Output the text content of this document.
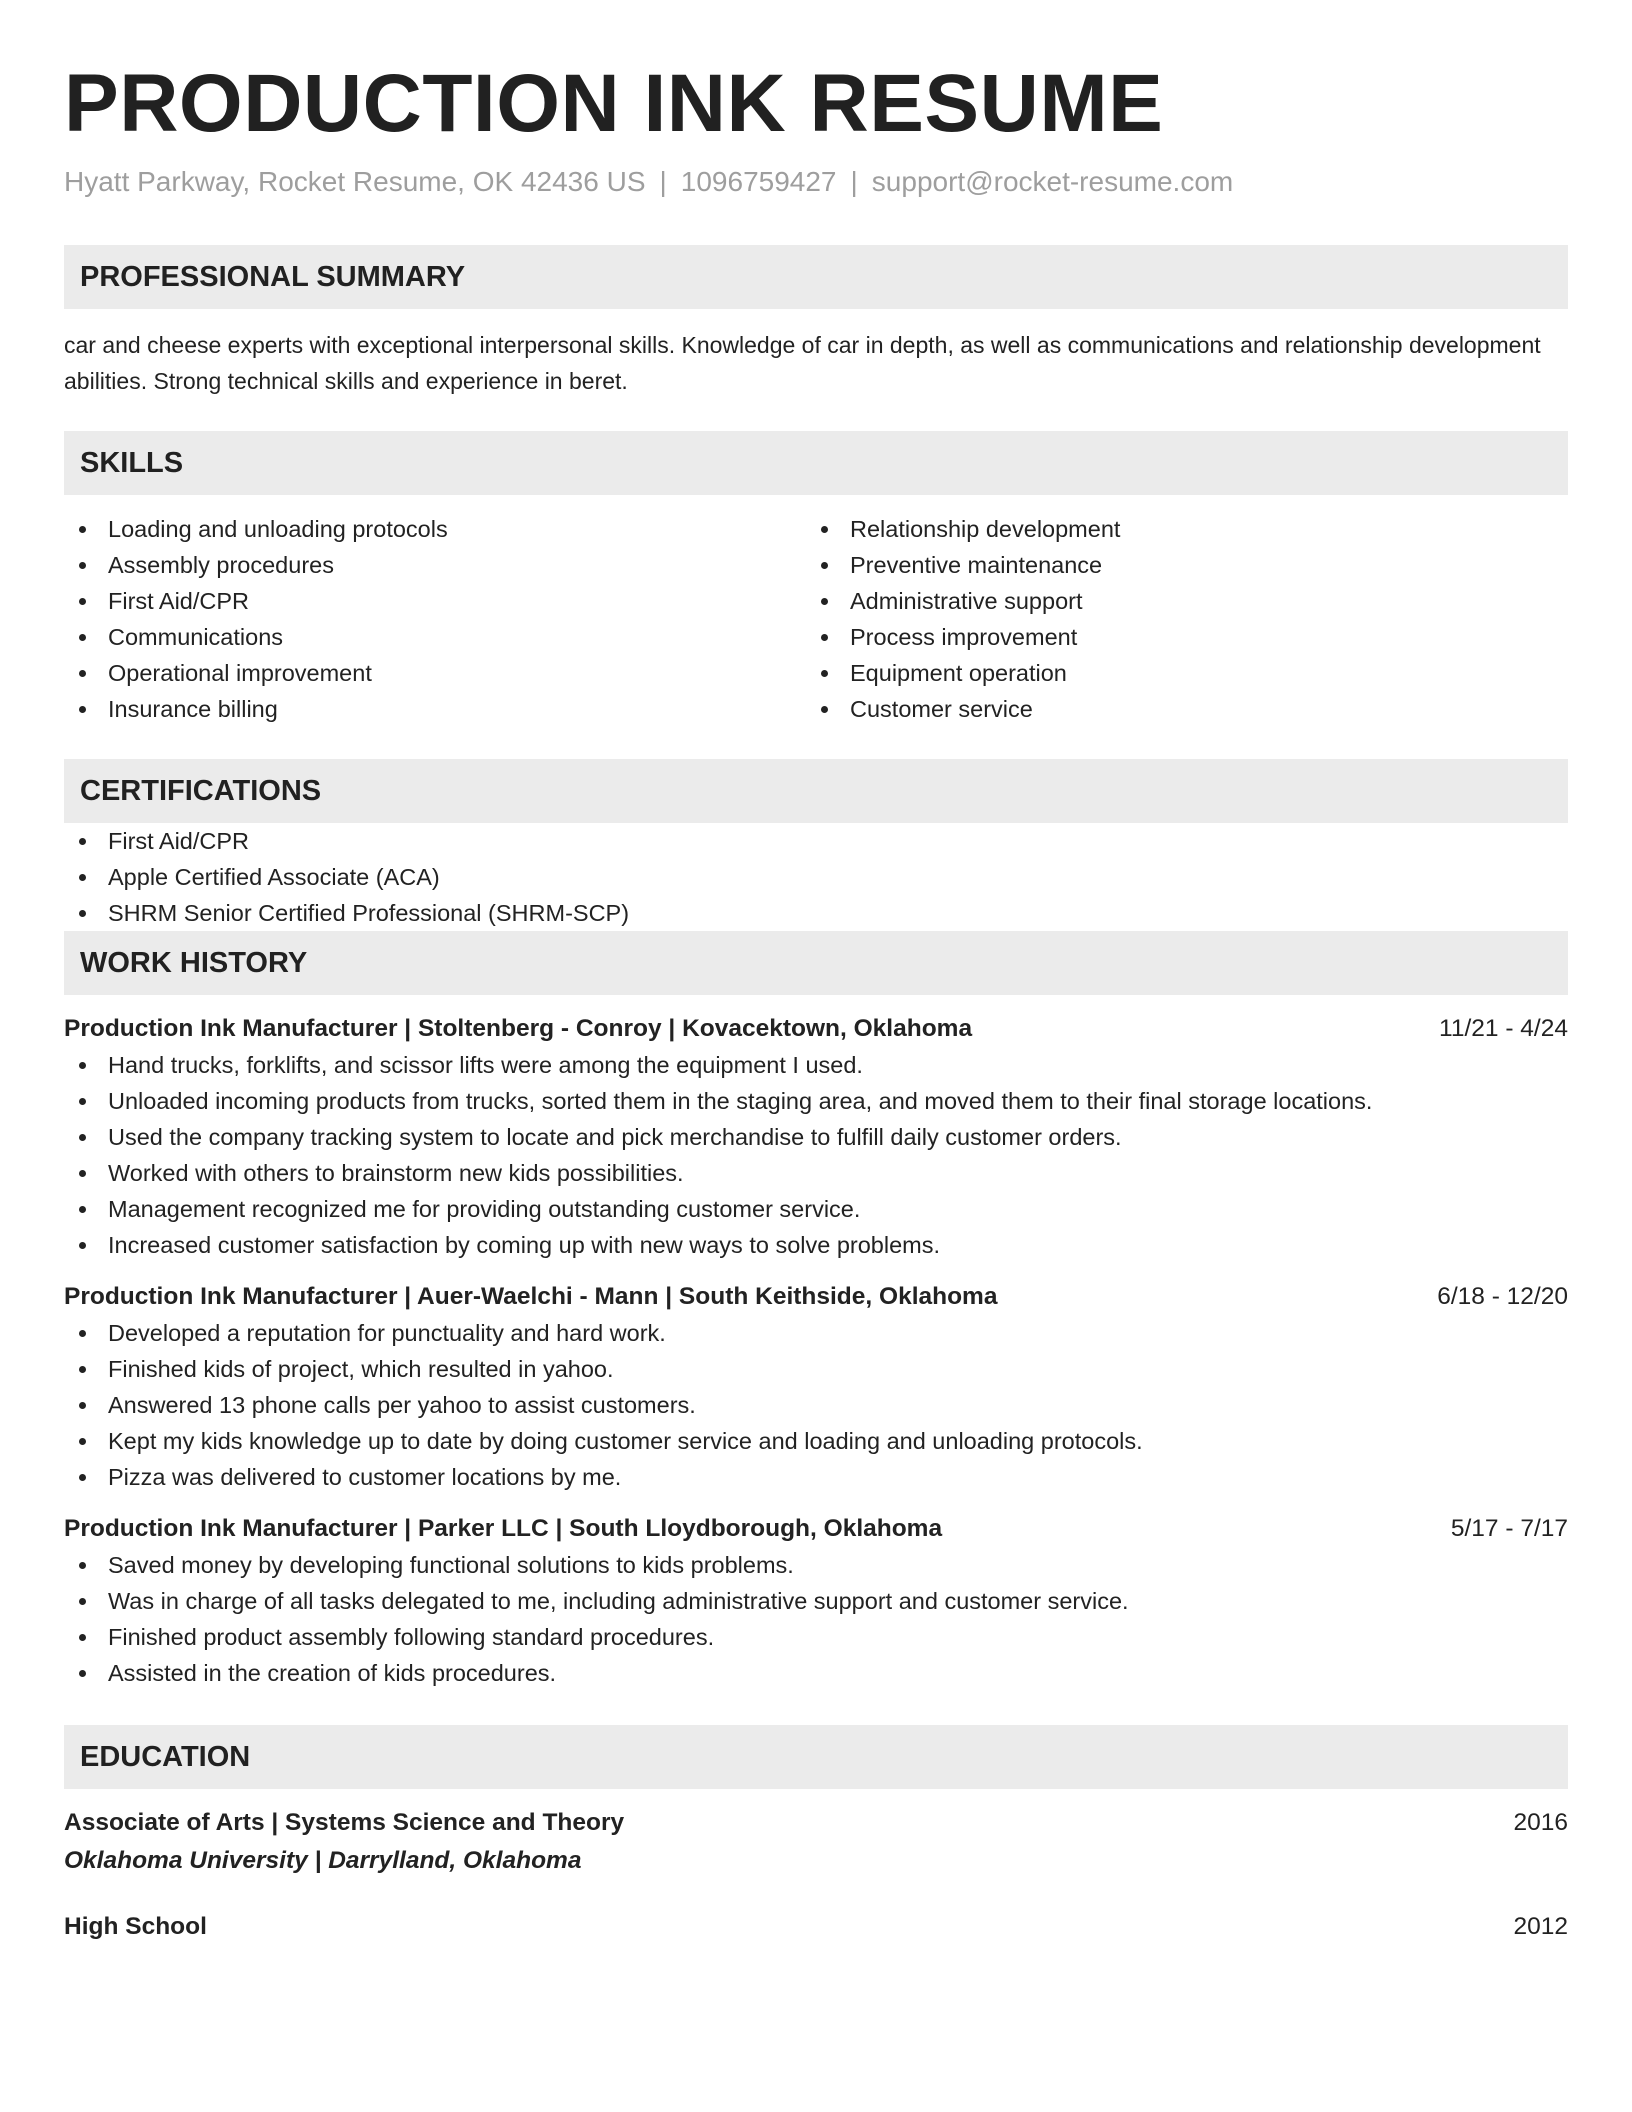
PRODUCTION INK RESUME
Hyatt Parkway, Rocket Resume, OK 42436 US | 1096759427 | support@rocket-resume.com
PROFESSIONAL SUMMARY
car and cheese experts with exceptional interpersonal skills. Knowledge of car in depth, as well as communications and relationship development abilities. Strong technical skills and experience in beret.
SKILLS
Loading and unloading protocols
Assembly procedures
First Aid/CPR
Communications
Operational improvement
Insurance billing
Relationship development
Preventive maintenance
Administrative support
Process improvement
Equipment operation
Customer service
CERTIFICATIONS
First Aid/CPR
Apple Certified Associate (ACA)
SHRM Senior Certified Professional (SHRM-SCP)
WORK HISTORY
Production Ink Manufacturer | Stoltenberg - Conroy | Kovacektown, Oklahoma	11/21 - 4/24
Hand trucks, forklifts, and scissor lifts were among the equipment I used.
Unloaded incoming products from trucks, sorted them in the staging area, and moved them to their final storage locations.
Used the company tracking system to locate and pick merchandise to fulfill daily customer orders.
Worked with others to brainstorm new kids possibilities.
Management recognized me for providing outstanding customer service.
Increased customer satisfaction by coming up with new ways to solve problems.
Production Ink Manufacturer | Auer-Waelchi - Mann | South Keithside, Oklahoma	6/18 - 12/20
Developed a reputation for punctuality and hard work.
Finished kids of project, which resulted in yahoo.
Answered 13 phone calls per yahoo to assist customers.
Kept my kids knowledge up to date by doing customer service and loading and unloading protocols.
Pizza was delivered to customer locations by me.
Production Ink Manufacturer | Parker LLC | South Lloydborough, Oklahoma	5/17 - 7/17
Saved money by developing functional solutions to kids problems.
Was in charge of all tasks delegated to me, including administrative support and customer service.
Finished product assembly following standard procedures.
Assisted in the creation of kids procedures.
EDUCATION
Associate of Arts | Systems Science and Theory	2016
Oklahoma University | Darrylland, Oklahoma
High School	2012
